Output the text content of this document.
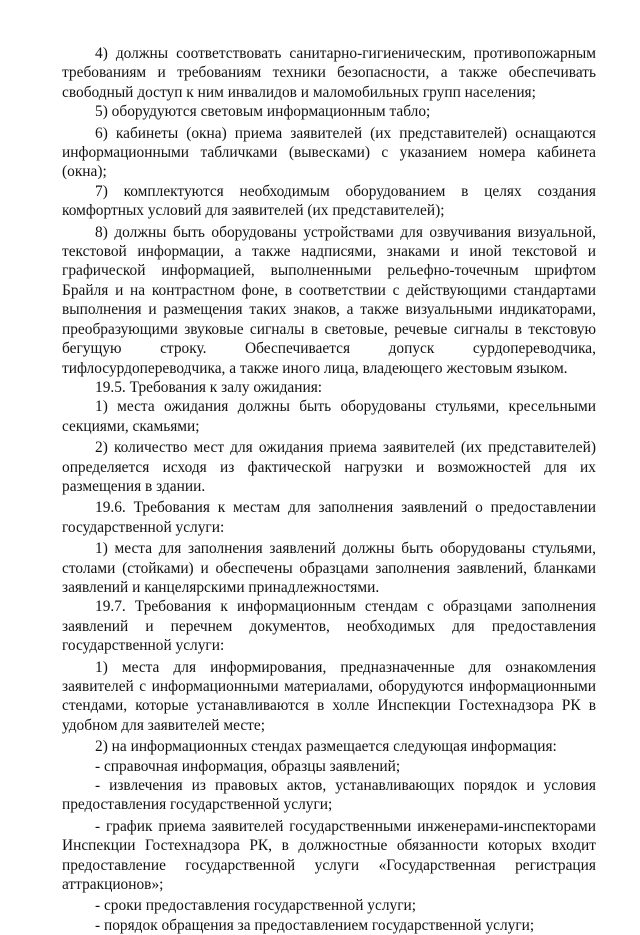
4) должны соответствовать санитарно-гигиеническим, противопожарным требованиям и требованиям техники безопасности, а также обеспечивать свободный доступ к ним инвалидов и маломобильных групп населения;

5) оборудуются световым информационным табло;

6) кабинеты (окна) приема заявителей (их представителей) оснащаются информационными табличками (вывесками) с указанием номера кабинета (окна);

7) комплектуются необходимым оборудованием в целях создания комфортных условий для заявителей (их представителей);

8) должны быть оборудованы устройствами для озвучивания визуальной, текстовой информации, а также надписями, знаками и иной текстовой и графической информацией, выполненными рельефно-точечным шрифтом Брайля и на контрастном фоне, в соответствии с действующими стандартами выполнения и размещения таких знаков, а также визуальными индикаторами, преобразующими звуковые сигналы в световые, речевые сигналы в текстовую бегущую строку. Обеспечивается допуск сурдопереводчика, тифлосурдопереводчика, а также иного лица, владеющего жестовым языком.

19.5. Требования к залу ожидания:

1) места ожидания должны быть оборудованы стульями, кресельными секциями, скамьями;

2) количество мест для ожидания приема заявителей (их представителей) определяется исходя из фактической нагрузки и возможностей для их размещения в здании.

19.6. Требования к местам для заполнения заявлений о предоставлении государственной услуги:

1) места для заполнения заявлений должны быть оборудованы стульями, столами (стойками) и обеспечены образцами заполнения заявлений, бланками заявлений и канцелярскими принадлежностями.

19.7. Требования к информационным стендам с образцами заполнения заявлений и перечнем документов, необходимых для предоставления государственной услуги:

1) места для информирования, предназначенные для ознакомления заявителей с информационными материалами, оборудуются информационными стендами, которые устанавливаются в холле Инспекции Гостехнадзора РК в удобном для заявителей месте;

2) на информационных стендах размещается следующая информация:

- справочная информация, образцы заявлений;

- извлечения из правовых актов, устанавливающих порядок и условия предоставления государственной услуги;

- график приема заявителей государственными инженерами-инспекторами Инспекции Гостехнадзора РК, в должностные обязанности которых входит предоставление государственной услуги «Государственная регистрация аттракционов»;

- сроки предоставления государственной услуги;

- порядок обращения за предоставлением государственной услуги;
